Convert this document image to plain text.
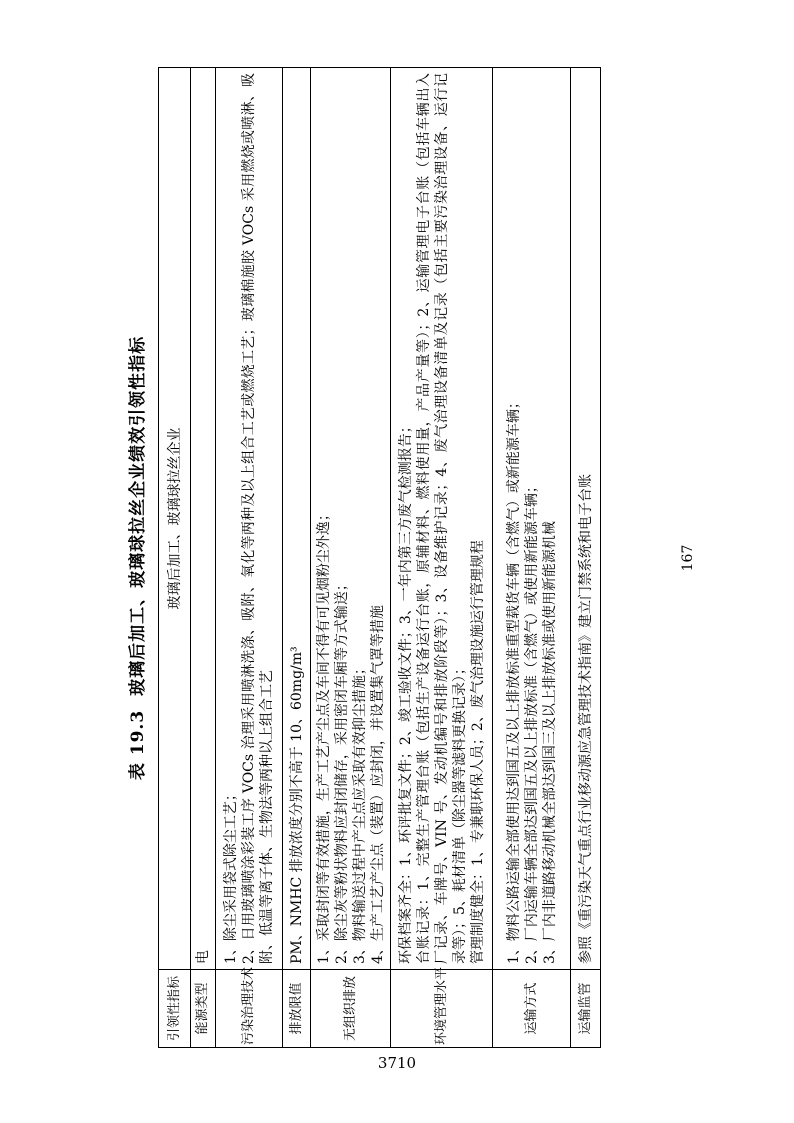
表 19.3玻璃后加工、玻璃球拉丝企业绩效引领性指标
引领性指标	玻璃后加工、玻璃球拉丝企业
能源类型	电

污染治理技术	1、除尘采用袋式除尘工艺； 2、日用玻璃喷涂彩装工序 VOCs 治理采用喷淋洗涤、吸附、氧化等两种及以上组合工艺或燃烧工艺；玻璃棉施胶 VOCs 采用燃烧或喷淋、吸 附、低温等离子体、生物法等两种以上组合工艺

排放限值	PM、NMHC 排放浓度分别不高于 10、60mg/m³

无组织排放	1、采取封闭等有效措施，生产工艺产尘点及车间不得有可见烟粉尘外逸； 2、除尘灰等粉状物料应封闭储存，采用密闭车厢等方式输送； 3、物料输送过程中产尘点应采取有效抑尘措施； 4、生产工艺产尘点（装置）应封闭，并设置集气罩等措施

环境管理水平	环保档案齐全：1、环评批复文件；2、竣工验收文件；3、一年内第三方废气检测报告； 台账记录：1、完整生产管理台账（包括生产设备运行台账，原辅材料、燃料使用量，产品产量等）；2、运输管理电子台账（包括车辆出入 厂记录、车牌号、VIN 号、发动机编号和排放阶段等）；3、设备维护记录；4、废气治理设备清单及记录（包括主要污染治理设备、运行记 录等）；5、耗材清单（除尘器等滤料更换记录）； 管理制度健全：1、专兼职环保人员；2、废气治理设施运行管理规程

运输方式	1、物料公路运输全部使用达到国五及以上排放标准重型载货车辆（含燃气）或新能源车辆； 2、厂内运输车辆全部达到国五及以上排放标准（含燃气）或使用新能源车辆； 3、厂内非道路移动机械全部达到国三及以上排放标准或使用新能源机械

运输监管	参照《重污染天气重点行业移动源应急管理技术指南》建立门禁系统和电子台账	167
3710
